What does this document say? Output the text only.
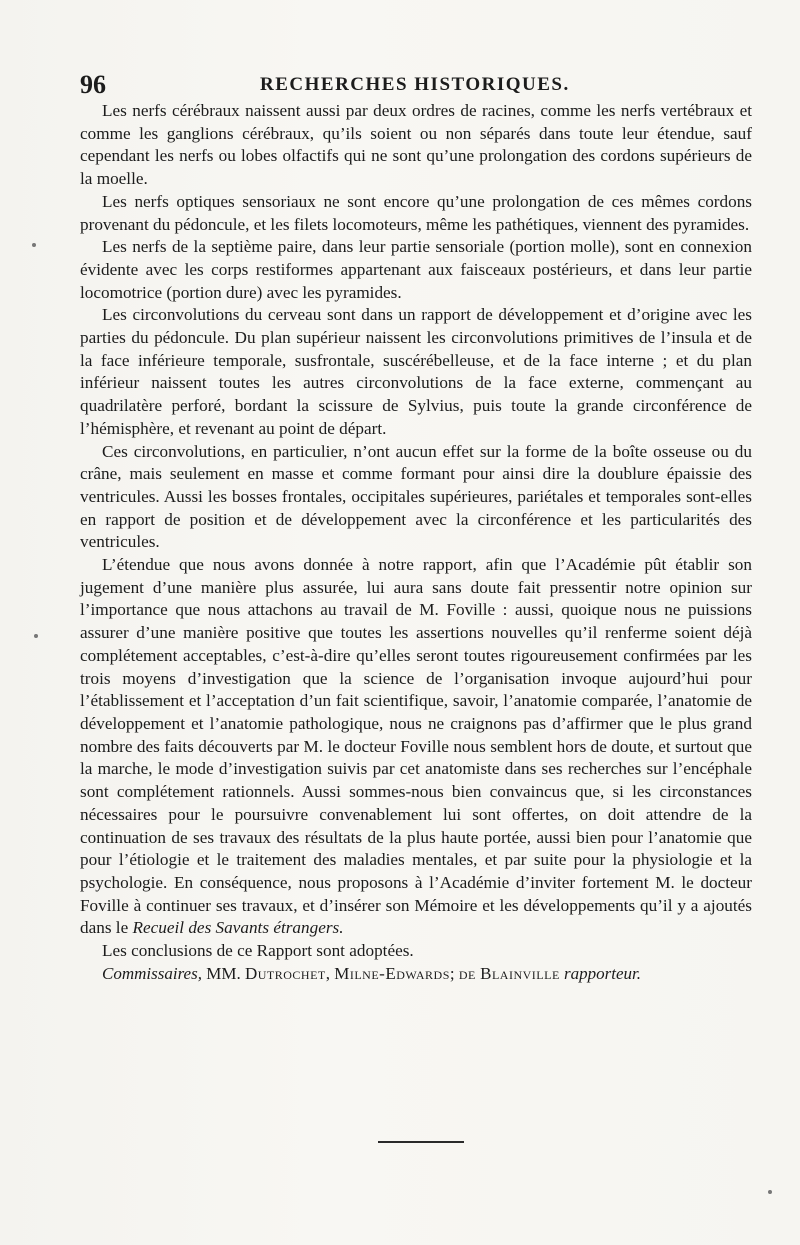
96	RECHERCHES HISTORIQUES.

Les nerfs cérébraux naissent aussi par deux ordres de racines, comme les nerfs vertébraux et comme les ganglions cérébraux, qu’ils soient ou non séparés dans toute leur étendue, sauf cependant les nerfs ou lobes olfactifs qui ne sont qu’une prolongation des cordons supérieurs de la moelle.

Les nerfs optiques sensoriaux ne sont encore qu’une prolongation de ces mêmes cordons provenant du pédoncule, et les filets locomoteurs, même les pathétiques, viennent des pyramides.

Les nerfs de la septième paire, dans leur partie sensoriale (portion molle), sont en connexion évidente avec les corps restiformes appartenant aux faisceaux postérieurs, et dans leur partie locomotrice (portion dure) avec les pyramides.

Les circonvolutions du cerveau sont dans un rapport de développement et d’origine avec les parties du pédoncule. Du plan supérieur naissent les circonvolutions primitives de l’insula et de la face inférieure temporale, susfrontale, suscérébelleuse, et de la face interne ; et du plan inférieur naissent toutes les autres circonvolutions de la face externe, commençant au quadrilatère perforé, bordant la scissure de Sylvius, puis toute la grande circonférence de l’hémisphère, et revenant au point de départ.

Ces circonvolutions, en particulier, n’ont aucun effet sur la forme de la boîte osseuse ou du crâne, mais seulement en masse et comme formant pour ainsi dire la doublure épaissie des ventricules. Aussi les bosses frontales, occipitales supérieures, pariétales et temporales sont-elles en rapport de position et de développement avec la circonférence et les particularités des ventricules.

L’étendue que nous avons donnée à notre rapport, afin que l’Académie pût établir son jugement d’une manière plus assurée, lui aura sans doute fait pressentir notre opinion sur l’importance que nous attachons au travail de M. Foville : aussi, quoique nous ne puissions assurer d’une manière positive que toutes les assertions nouvelles qu’il renferme soient déjà complétement acceptables, c’est-à-dire qu’elles seront toutes rigoureusement confirmées par les trois moyens d’investigation que la science de l’organisation invoque aujourd’hui pour l’établissement et l’acceptation d’un fait scientifique, savoir, l’anatomie comparée, l’anatomie de développement et l’anatomie pathologique, nous ne craignons pas d’affirmer que le plus grand nombre des faits découverts par M. le docteur Foville nous semblent hors de doute, et surtout que la marche, le mode d’investigation suivis par cet anatomiste dans ses recherches sur l’encéphale sont complétement rationnels. Aussi sommes-nous bien convaincus que, si les circonstances nécessaires pour le poursuivre convenablement lui sont offertes, on doit attendre de la continuation de ses travaux des résultats de la plus haute portée, aussi bien pour l’anatomie que pour l’étiologie et le traitement des maladies mentales, et par suite pour la physiologie et la psychologie. En conséquence, nous proposons à l’Académie d’inviter fortement M. le docteur Foville à continuer ses travaux, et d’insérer son Mémoire et les développements qu’il y a ajoutés dans le Recueil des Savants étrangers.

Les conclusions de ce Rapport sont adoptées.

Commissaires, MM. Dutrochet, Milne-Edwards; de Blainville rapporteur.
